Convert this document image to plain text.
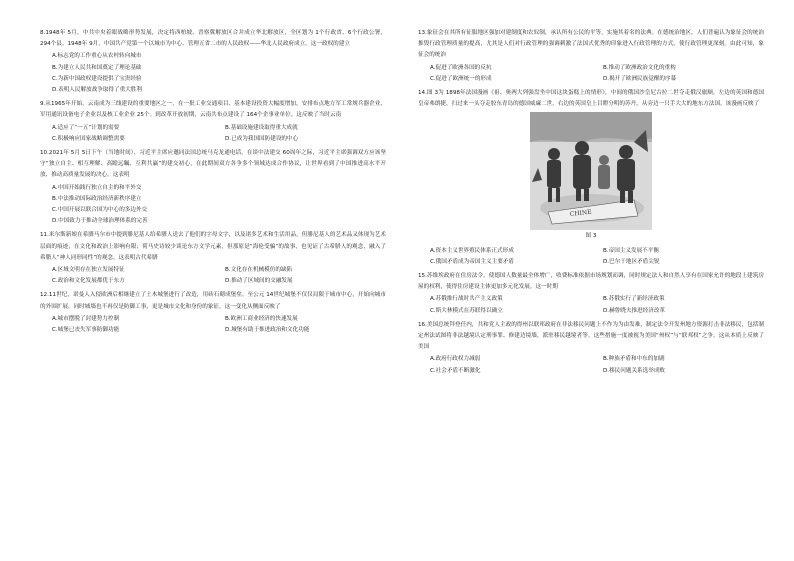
8.1948年 5月，中共中央着眼战略形势发展，决定将西柏坡、晋察冀解放区合并成立华北解放区，全区划为 1个行政省、6个行政公署，294个县。1948年 9月，中国共产党第一个以城市为中心、管理五省二市的人民政权——华北人民政府成立。这一政权的建立

A.标志党的工作重心从农村转向城市
B.为建立人民共和国奠定了理论基础
C.为新中国政权建设提供了宝贵经验
D.表明人民解放战争取得了重大胜利

9.从1965年开始，云南成为三线建设的重要地区之一，在一批工业交通项目、基本建设投资大幅度增加，安排布点地方军工常规兵器企业、军用通讯设备电子企业以及核工业企业 25个。到改革开放初期，云南共布点建设了 164个企事业单位。这反映了当时云南

A.适应了“一五”计划的需要	B.基础设施建设取得重大成就
C.积极响应国家战略调整需要	D.已成为我国国防建设的中心

10.2021年 5月 5日下午（当地时间）、习近平主席应邀同法国总统马克龙通电话，在谈中法建交 60周年之际，习近平主席强调双方应该坚守“独立自主、相互理解、高瞻远瞩、互利共赢”的建交初心，在此期间双方各争多个领域达成合作协议，让世界看到了中国推进高水平开放、推动高质量发展的决心。这表明

A.中国开始践行独立自主的和平外交
B.中法推动国际政治经济新秩序建立
C.中国开展以联合国为中心的多边外交
D.中国致力于推动全球治理体系的完善

11.米尔斯新娘在希腊马尔市中提到腓尼基人给希腊人送去了他们的字母文字，以及诸多艺术和生活用品，但腓尼基人的艺术品又体现为艺术层面的痕迹，在文化和政治上影响有限；荷马史诗较少谈论东方文学元素，但那原是“海伦受骗”的故事，也见证了古希腊人的观念，融入了希腊人“神人同形同性”的观念。这表明古代希腊

A.区域文明存在独立发展特征	B.文化存在机械模仿的缺陷
C.政治和文化发展都优于东方	D.推动了区域间的交融发展

12.11世纪，诺曼人入侵欧洲后相继建立了土木城堡进行了改造，用砖石砌成堡垒。至公元 14世纪城堡不仅仅局限于城市中心，开始向城市的外围扩展，同时城墙也不再仅是防御工事，更是城市文化和身份的象征。这一变化从侧面反映了

A.城市摆脱了封建势力控制	B.欧洲工商业经济的快速发展
C.城堡已丧失军事防御功能	D.城堡有助于推进政治和文化功能

13.象征会在其所有征服地区强加对建制度和农奴制，承认所有公民的平等，实施其着名的法典。在德统治地区，人们普遍认为象征会的统治推毁行政管理质量的提高，尤其是人们对行政管理的强调刺激了法国式优秀的印象进入行政管理的方式，使行政管理更深刻。由此可知，象征会的统治

A.促进了欧洲各国的反抗	B.推动了欧洲政治文化的重构
C.促进了欧洲统一的形成	D.揭开了欧洲民族觉醒的序幕

14.图 3为 1898年法国漫画《祖、奥两大列强盘坐中国这块蛋糕上的情形》，中间的俄国沙皇尼古拉二世夺走俄汉旅顺，左边的英国和德国皇帝弗朗捷，扫过来一头夺走胶东青岛的德国威廉二世，右边的英国皇上目瞪分明的苏丹，从旁边一只手大大的地东方法国。该漫画反映了

CHINE
图 3
A.资本主义世界殖民体系正式形成	B.帝国主义发展不平衡
C.俄国矛盾成为帝国主义主要矛盾	D.巴尔干地区矛盾尖锐

15.苏维埃政府在住房法令，使德国人数量最全体增广，收费标准依据市场规划而调，同时规定法人和自然人享有在国家允许的地段上建筑房屋的权利，使得住房建设主体更加多元化发展。这一时期

A.苏俄推行战时共产主义政策	B.苏俄实行了新经济政策
C.斯大林模式在苏联得以确立	D.赫鲁晓夫推进经济改革

16.美国总统拜登任内，共和党人主政的得州以联邦政府在非法移民问题上不作为为由发难，制定法令开发州地方资源打击非法移民，包括制定州法试图将非法越境认定刑事罪、修建边境墙，派驻移民越境者等。这些措施一度被视为美国“州权”与“联邦权”之争，这从本质上反映了美国

A.政府行政权力减弱	B.种族矛盾和中东的加剧
C.社会矛盾不断激化	D.移民问题关系选举成败
